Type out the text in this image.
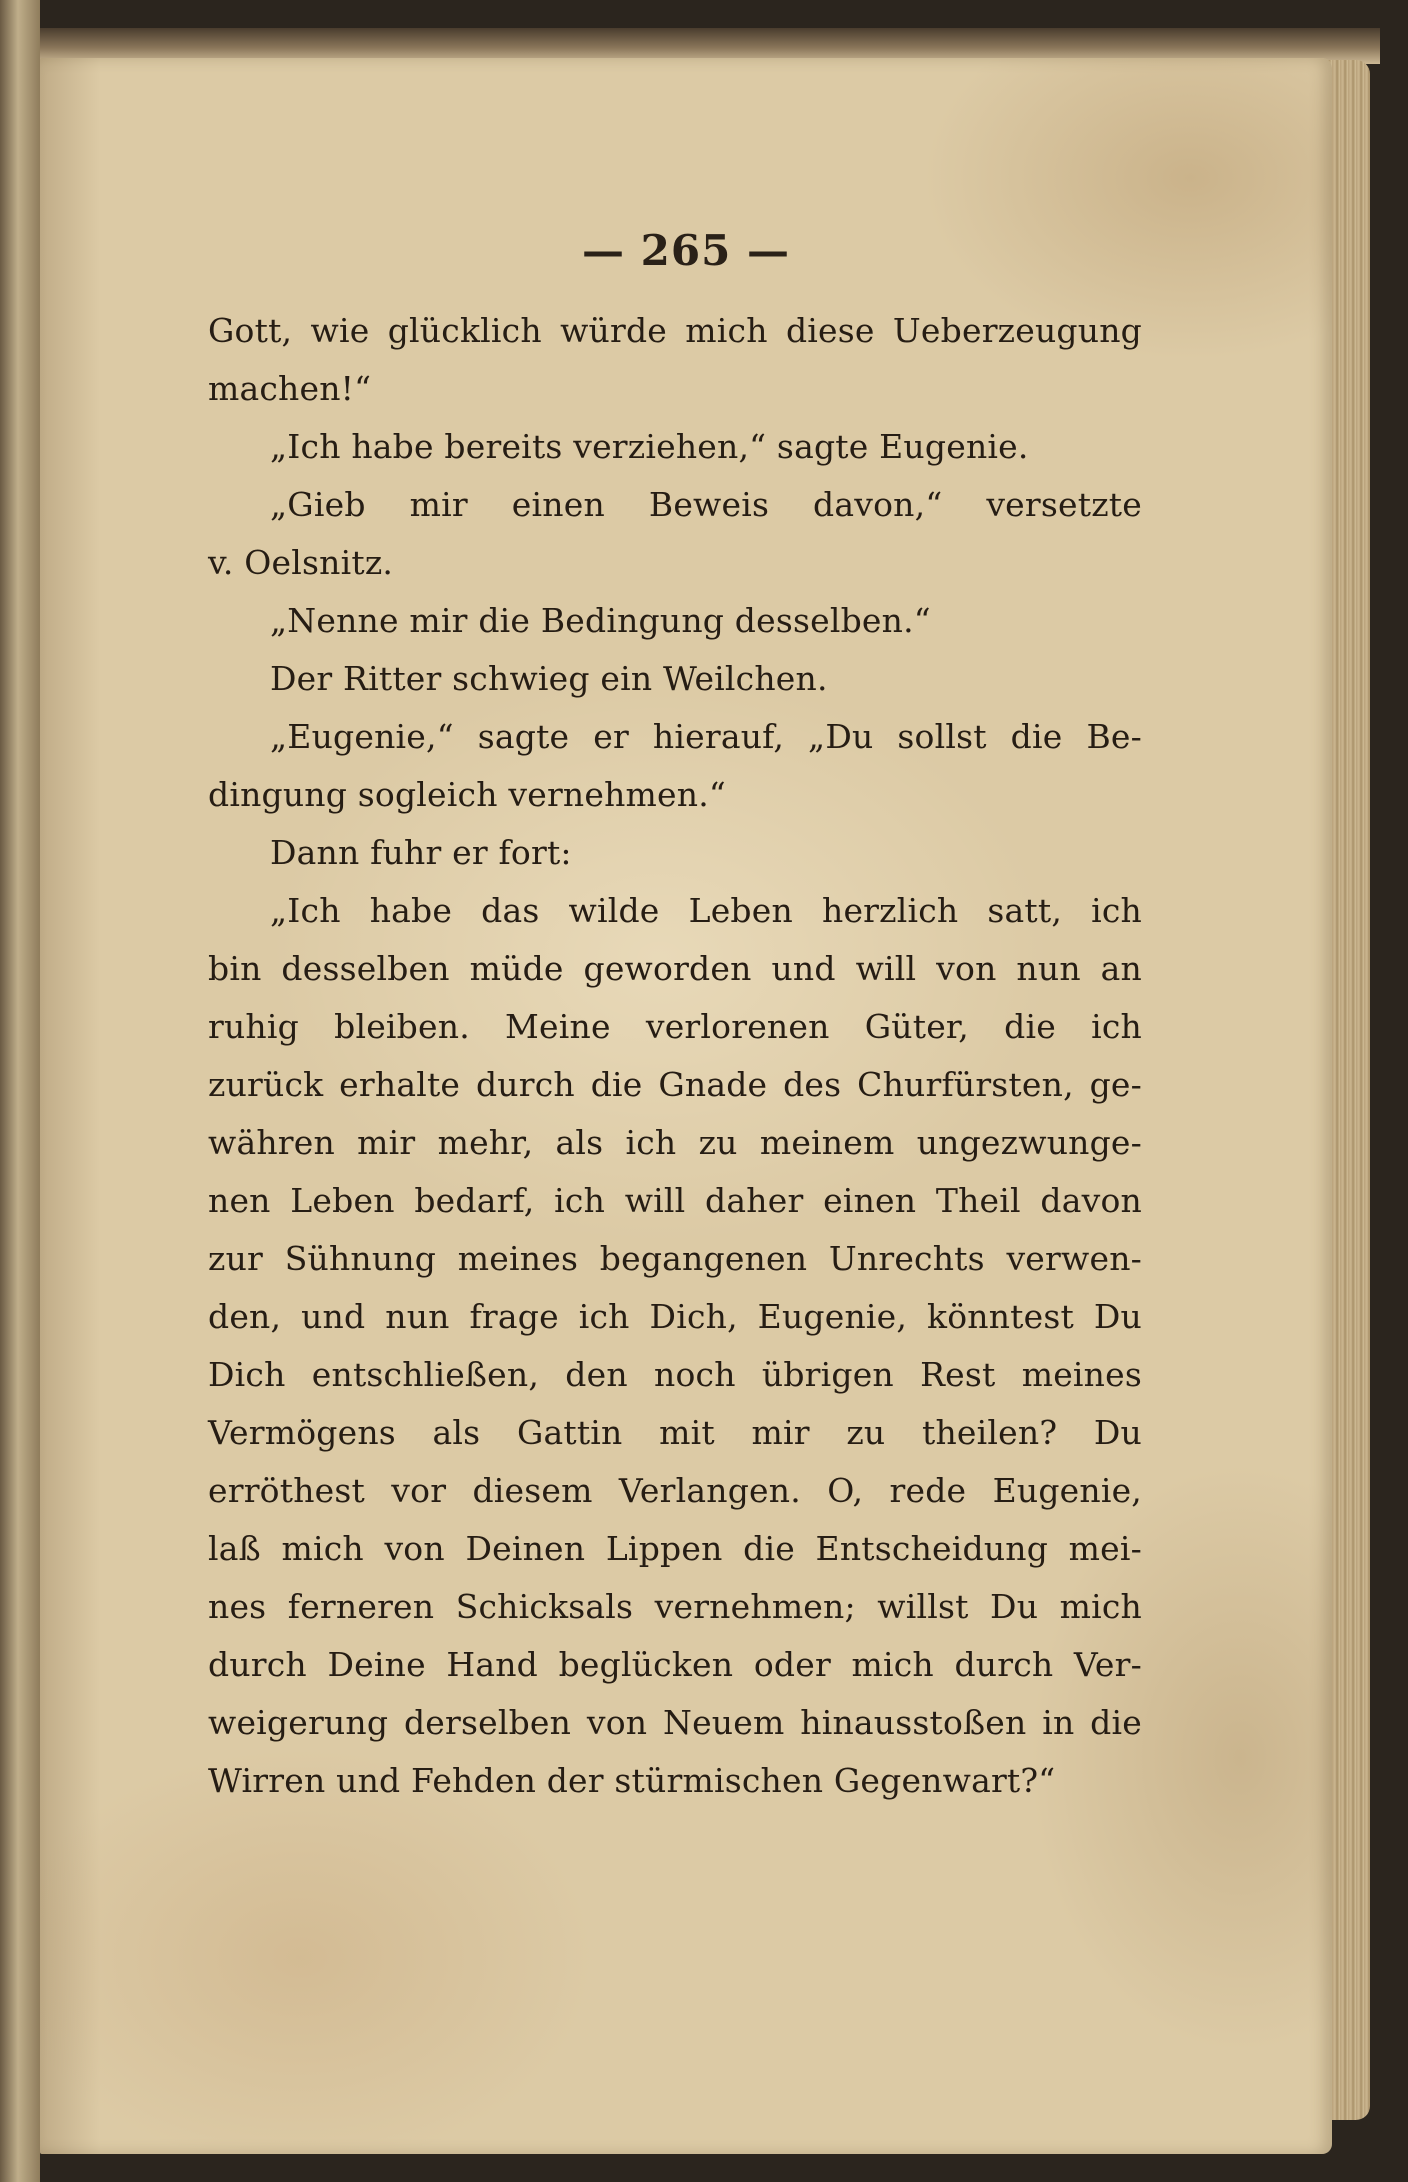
— 265 —
Gott, wie glücklich würde mich diese Ueberzeugung
machen!“
„Ich habe bereits verziehen,“ sagte Eugenie.
„Gieb mir einen Beweis davon,“ versetzte
v. Oelsnitz.
„Nenne mir die Bedingung desselben.“
Der Ritter schwieg ein Weilchen.
„Eugenie,“ sagte er hierauf, „Du sollst die Be-
dingung sogleich vernehmen.“
Dann fuhr er fort:
„Ich habe das wilde Leben herzlich satt, ich
bin desselben müde geworden und will von nun an
ruhig bleiben. Meine verlorenen Güter, die ich
zurück erhalte durch die Gnade des Churfürsten, ge-
währen mir mehr, als ich zu meinem ungezwunge-
nen Leben bedarf, ich will daher einen Theil davon
zur Sühnung meines begangenen Unrechts verwen-
den, und nun frage ich Dich, Eugenie, könntest Du
Dich entschließen, den noch übrigen Rest meines
Vermögens als Gattin mit mir zu theilen? Du
erröthest vor diesem Verlangen. O, rede Eugenie,
laß mich von Deinen Lippen die Entscheidung mei-
nes ferneren Schicksals vernehmen; willst Du mich
durch Deine Hand beglücken oder mich durch Ver-
weigerung derselben von Neuem hinausstoßen in die
Wirren und Fehden der stürmischen Gegenwart?“
